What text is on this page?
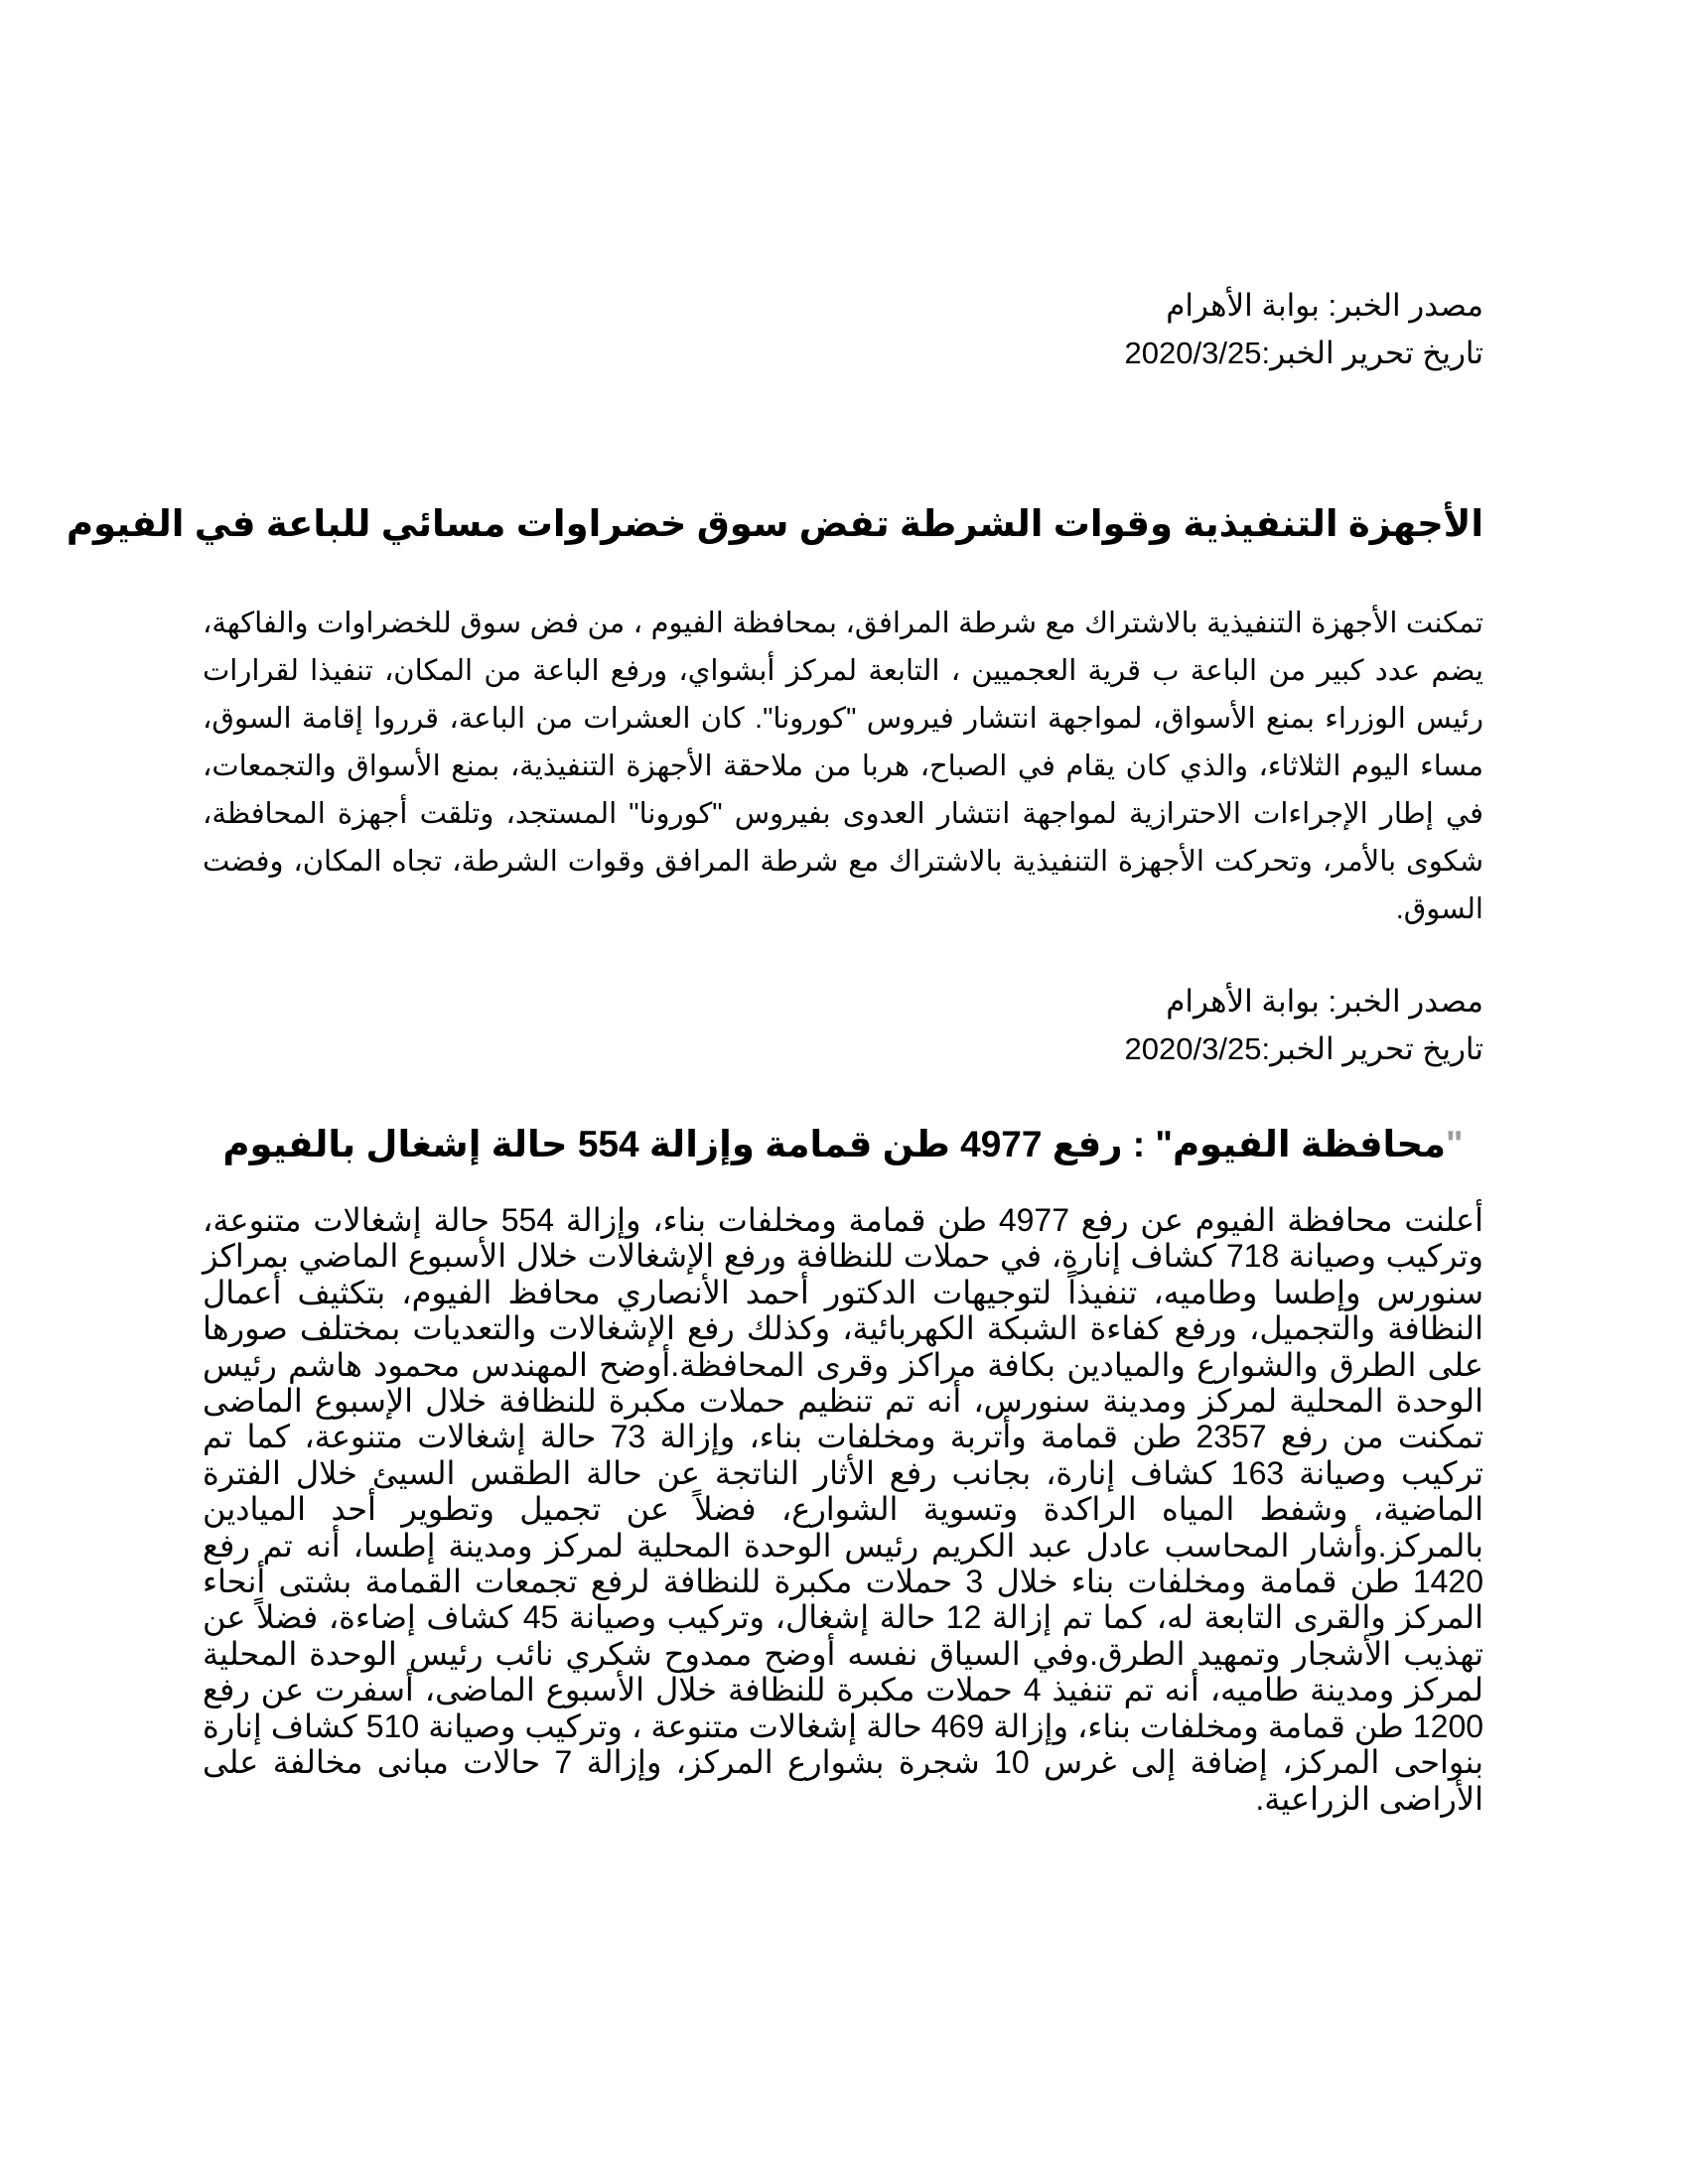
مصدر الخبر: بوابة الأهرام
تاريخ تحرير الخبر:2020/3/25
الأجهزة التنفيذية وقوات الشرطة تفض سوق خضراوات مسائي للباعة في الفيوم
تمكنت الأجهزة التنفيذية بالاشتراك مع شرطة المرافق، بمحافظة الفيوم ، من فض سوق للخضراوات والفاكهة، يضم عدد كبير من الباعة ب قرية العجميين ، التابعة لمركز أبشواي، ورفع الباعة من المكان، تنفيذا لقرارات رئيس الوزراء بمنع الأسواق، لمواجهة انتشار فيروس "كورونا". كان العشرات من الباعة، قرروا إقامة السوق، مساء اليوم الثلاثاء، والذي كان يقام في الصباح، هربا من ملاحقة الأجهزة التنفيذية، بمنع الأسواق والتجمعات، في إطار الإجراءات الاحترازية لمواجهة انتشار العدوى بفيروس "كورونا" المستجد، وتلقت أجهزة المحافظة، شكوى بالأمر، وتحركت الأجهزة التنفيذية بالاشتراك مع شرطة المرافق وقوات الشرطة، تجاه المكان، وفضت السوق.
مصدر الخبر: بوابة الأهرام
تاريخ تحرير الخبر:2020/3/25
"محافظة الفيوم" : رفع 4977 طن قمامة وإزالة 554 حالة إشغال بالفيوم
أعلنت محافظة الفيوم عن رفع 4977 طن قمامة ومخلفات بناء، وإزالة 554 حالة إشغالات متنوعة، وتركيب وصيانة 718 كشاف إنارة، في حملات للنظافة ورفع الإشغالات خلال الأسبوع الماضي بمراكز سنورس وإطسا وطاميه، تنفيذاً لتوجيهات الدكتور أحمد الأنصاري محافظ الفيوم، بتكثيف أعمال النظافة والتجميل، ورفع كفاءة الشبكة الكهربائية، وكذلك رفع الإشغالات والتعديات بمختلف صورها على الطرق والشوارع والميادين بكافة مراكز وقرى المحافظة.أوضح المهندس محمود هاشم رئيس الوحدة المحلية لمركز ومدينة سنورس، أنه تم تنظيم حملات مكبرة للنظافة خلال الإسبوع الماضى تمكنت من رفع 2357 طن قمامة وأتربة ومخلفات بناء، وإزالة 73 حالة إشغالات متنوعة، كما تم تركيب وصيانة 163 كشاف إنارة، بجانب رفع الأثار الناتجة عن حالة الطقس السيئ خلال الفترة الماضية، وشفط المياه الراكدة وتسوية الشوارع، فضلاً عن تجميل وتطوير أحد الميادين بالمركز.وأشار المحاسب عادل عبد الكريم رئيس الوحدة المحلية لمركز ومدينة إطسا، أنه تم رفع 1420 طن قمامة ومخلفات بناء خلال 3 حملات مكبرة للنظافة لرفع تجمعات القمامة بشتى أنحاء المركز والقرى التابعة له، كما تم إزالة 12 حالة إشغال، وتركيب وصيانة 45 كشاف إضاءة، فضلاً عن تهذيب الأشجار وتمهيد الطرق.وفي السياق نفسه أوضح ممدوح شكري نائب رئيس الوحدة المحلية لمركز ومدينة طاميه، أنه تم تنفيذ 4 حملات مكبرة للنظافة خلال الأسبوع الماضى، أسفرت عن رفع 1200 طن قمامة ومخلفات بناء، وإزالة 469 حالة إشغالات متنوعة ، وتركيب وصيانة 510 كشاف إنارة بنواحى المركز، إضافة إلى غرس 10 شجرة بشوارع المركز، وإزالة 7 حالات مبانى مخالفة على الأراضى الزراعية.
